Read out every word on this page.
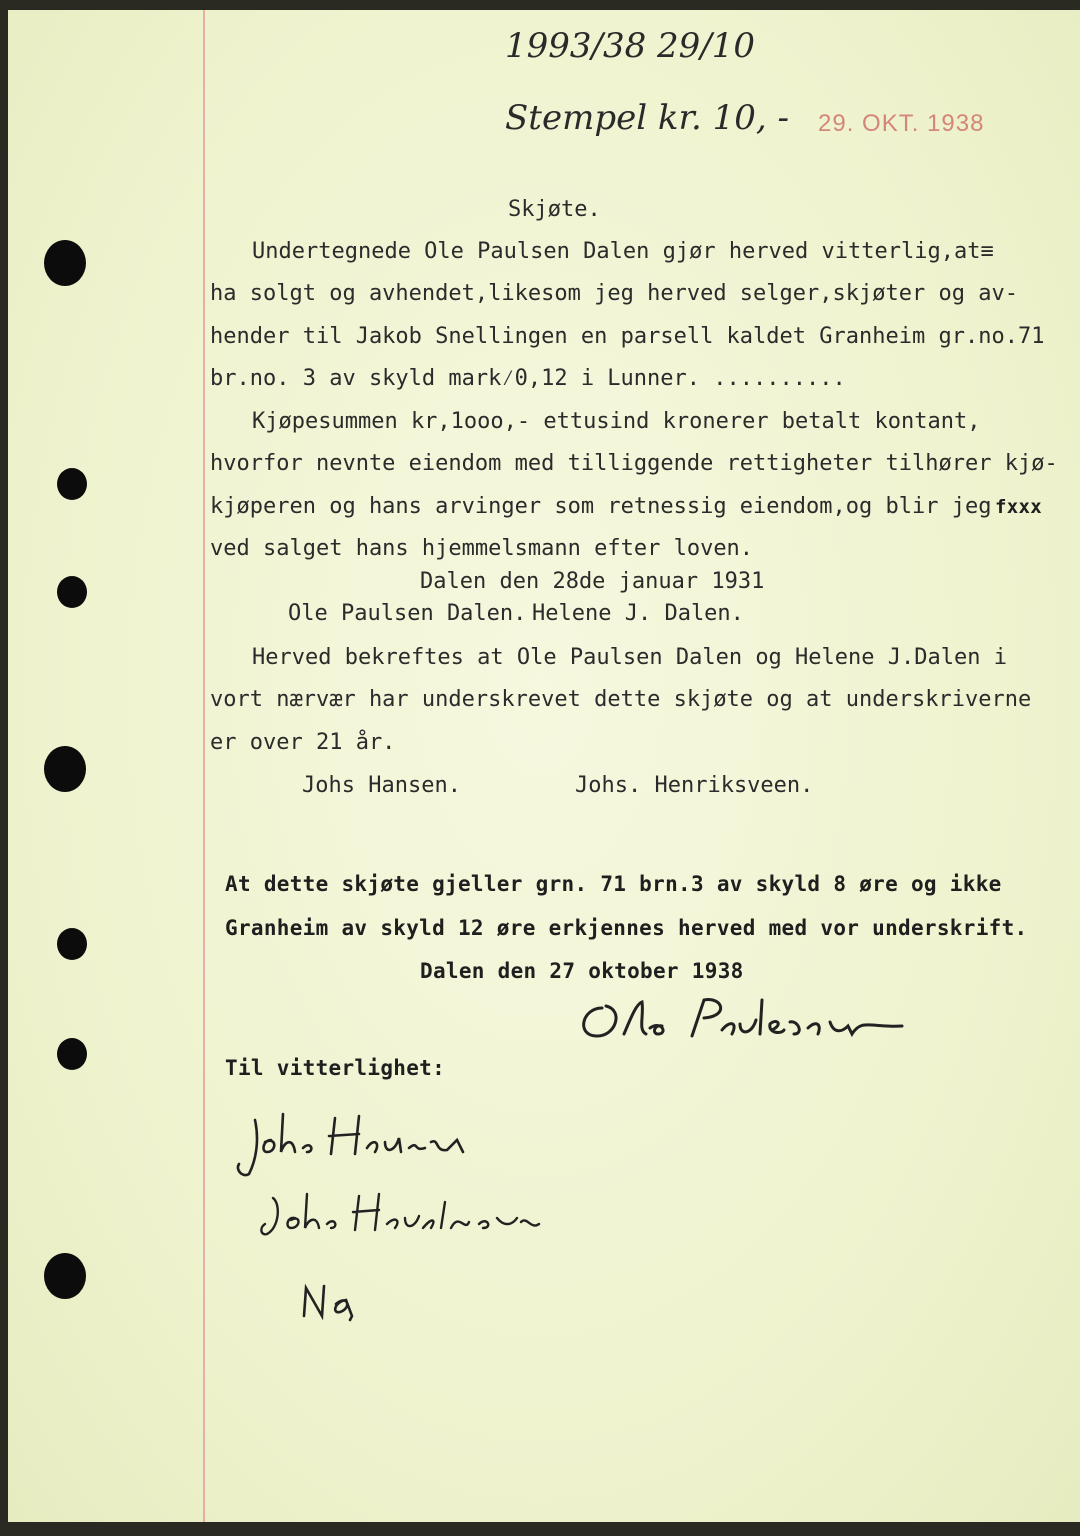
1993/38 29/10

Stempel kr. 10, - 29. OKT. 1938

Skjøte.

Undertegnede Ole Paulsen Dalen gjør herved vitterlig,at≡

ha solgt og avhendet,likesom jeg herved selger,skjøter og av-

hender til Jakob Snellingen en parsell kaldet Granheim gr.no.71

br.no. 3 av skyld mark⁄0,12 i Lunner. ..........

Kjøpesummen kr,1ooo,- ettusind kronerer betalt kontant,

hvorfor nevnte eiendom med tilliggende rettigheter tilhører kjø-

kjøperen og hans arvinger som retnessig eiendom,og blir jeg fxxx

ved salget hans hjemmelsmann efter loven.

Dalen den 28de januar 1931

Ole Paulsen Dalen. Helene J. Dalen.

Herved bekreftes at Ole Paulsen Dalen og Helene J.Dalen i

vort nærvær har underskrevet dette skjøte og at underskriverne

er over 21 år.

Johs Hansen.	Johs. Henriksveen.

At dette skjøte gjeller grn. 71 brn.3 av skyld 8 øre og ikke

Granheim av skyld 12 øre erkjennes herved med vor underskrift.

Dalen den 27 oktober 1938

Til vitterlighet:
